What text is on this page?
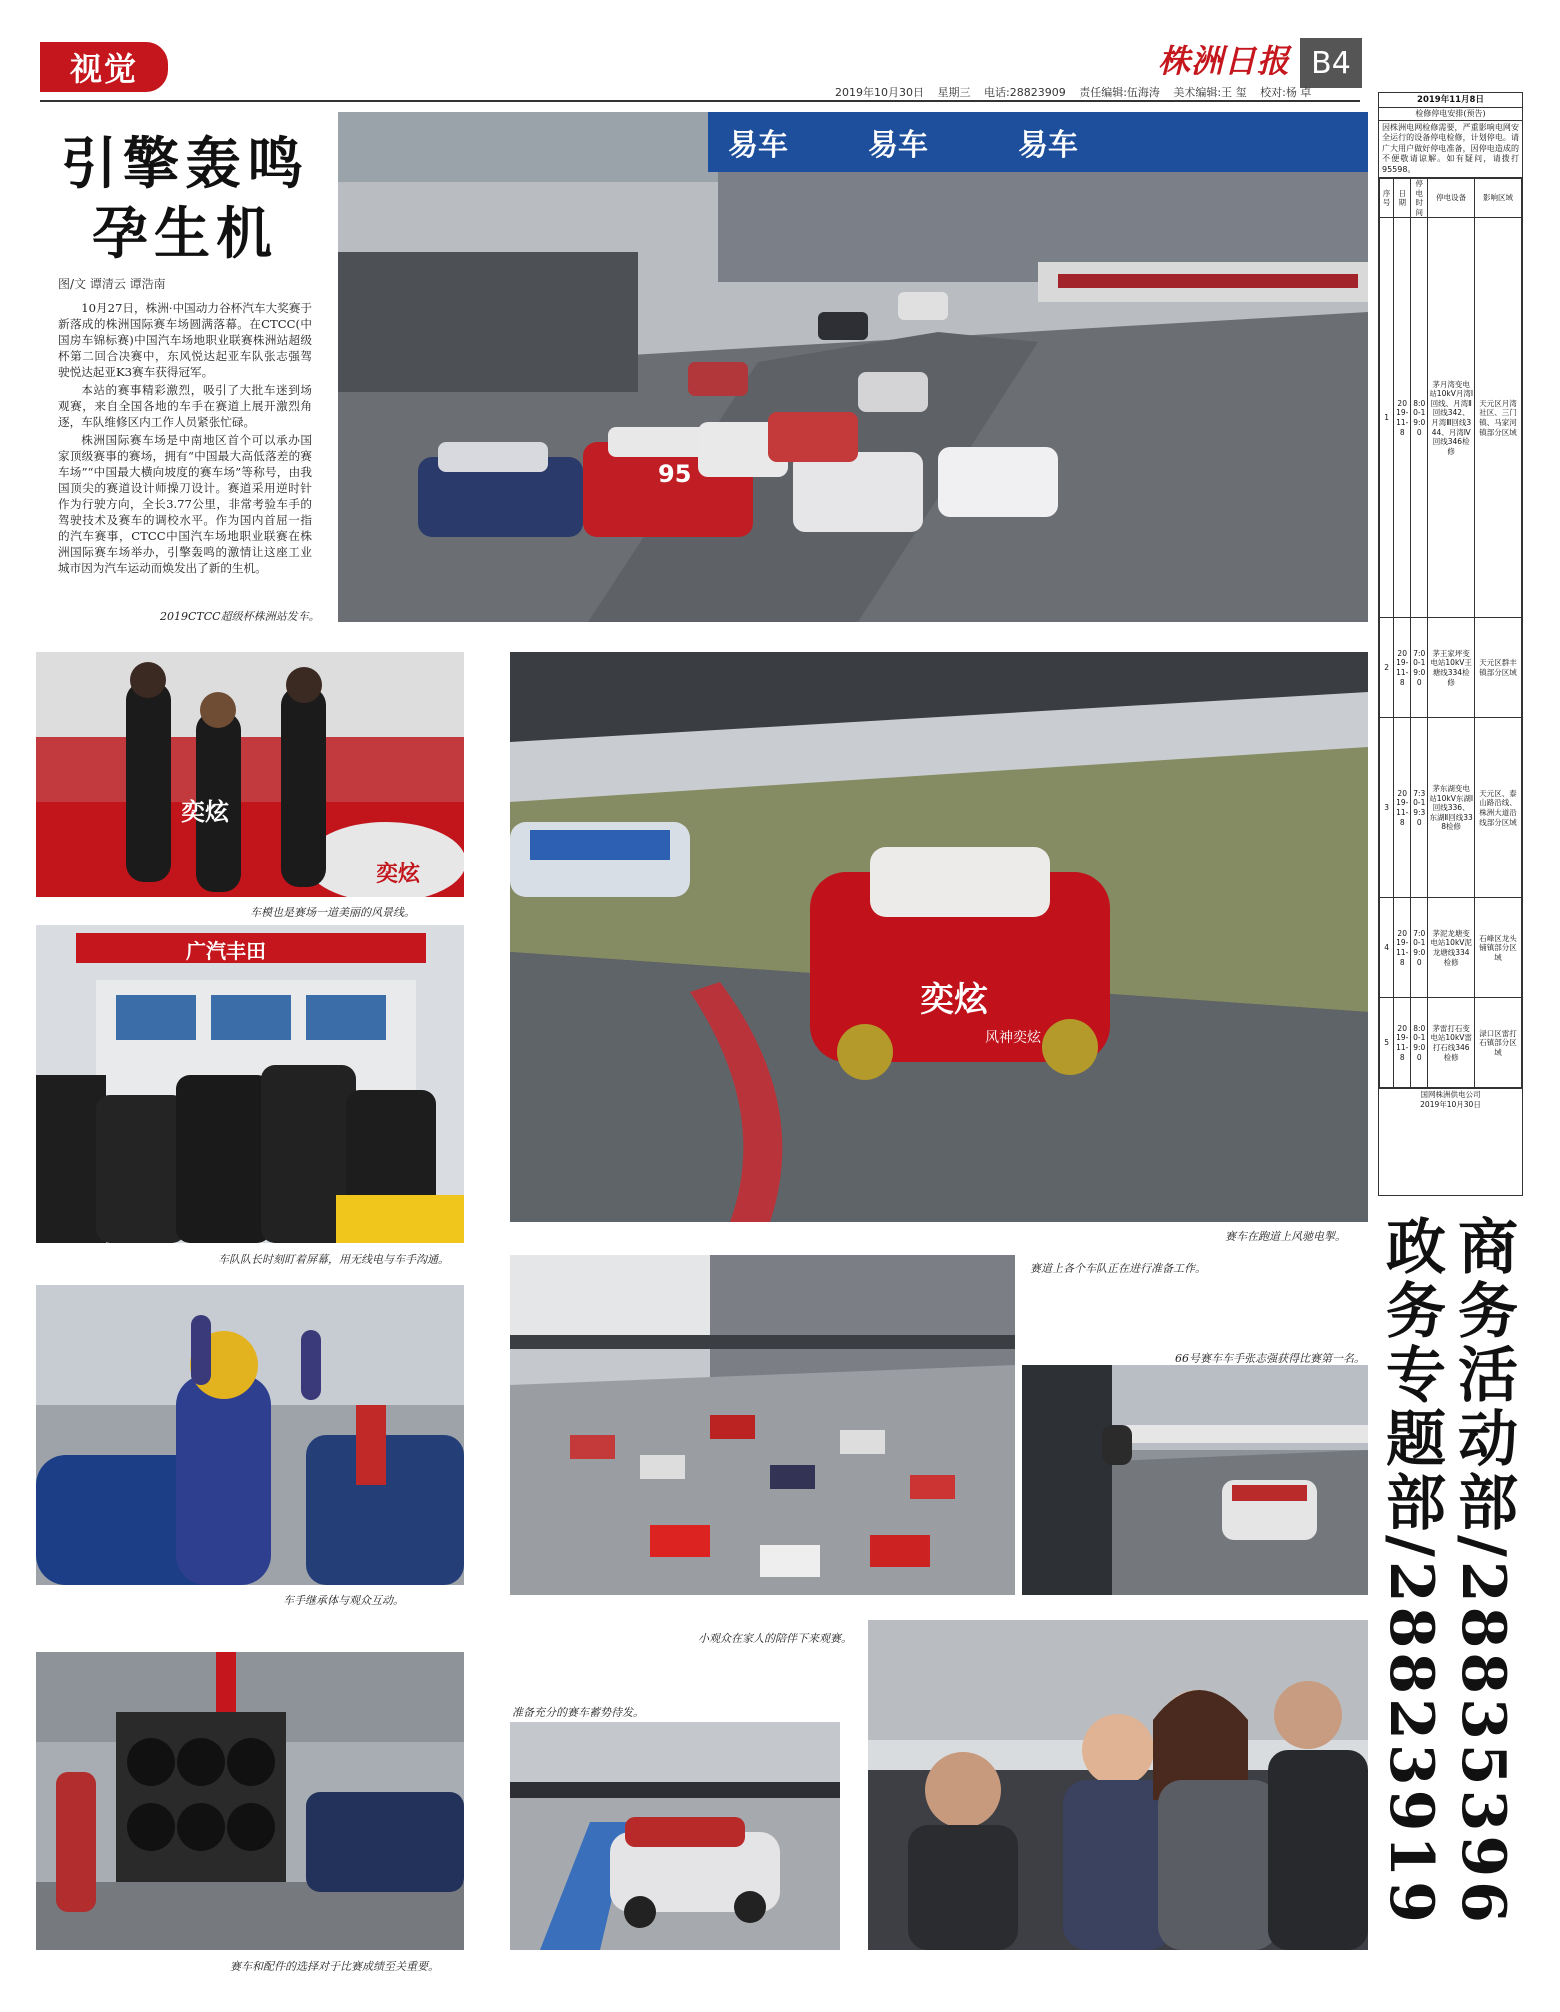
视觉	株洲日报 B4
2019年10月30日 星期三 电话:28823909 责任编辑:伍海涛 美术编辑:王 玺 校对:杨 卓
引擎轰鸣
孕生机
图/文 谭清云 谭浩南

10月27日，株洲·中国动力谷杯汽车大奖赛于新落成的株洲国际赛车场圆满落幕。在CTCC(中国房车锦标赛)中国汽车场地职业联赛株洲站超级杯第二回合决赛中，东风悦达起亚车队张志强驾驶悦达起亚K3赛车获得冠军。

本站的赛事精彩激烈，吸引了大批车迷到场观赛，来自全国各地的车手在赛道上展开激烈角逐，车队维修区内工作人员紧张忙碌。

株洲国际赛车场是中南地区首个可以承办国家顶级赛事的赛场，拥有“中国最大高低落差的赛车场”“中国最大横向坡度的赛车场”等称号，由我国顶尖的赛道设计师操刀设计。赛道采用逆时针作为行驶方向，全长3.77公里，非常考验车手的驾驶技术及赛车的调校水平。作为国内首屈一指的汽车赛事，CTCC中国汽车场地职业联赛在株洲国际赛车场举办，引擎轰鸣的激情让这座工业城市因为汽车运动而焕发出了新的生机。

易车	易车	易车
95
2019CTCC超级杯株洲站发车。
奕炫
奕炫
车模也是赛场一道美丽的风景线。
广汽丰田
车队队长时刻盯着屏幕，用无线电与车手沟通。
车手继承体与观众互动。
赛车和配件的选择对于比赛成绩至关重要。
奕炫
风神奕炫
赛车在跑道上风驰电掣。
赛道上各个车队正在进行准备工作。
66号赛车车手张志强获得比赛第一名。
小观众在家人的陪伴下来观赛。
准备充分的赛车蓄势待发。
2019年11月8日
检修停电安排(预告)
因株洲电网检修需要，严重影响电网安全运行的设备停电检修，计划停电。请广大用户做好停电准备，因停电造成的不便敬请谅解。如有疑问，请拨打95598。
序号	日期	停电时间	停电设备	影响区域
1	2019-11-8	8:00-19:00	茅月湾变电站10kV月湾Ⅰ回线、月湾Ⅱ回线342、月湾Ⅲ回线344、月湾Ⅳ回线346检修	天元区月湾社区、三门镇、马家河镇部分区域
2	2019-11-8	7:00-19:00	茅王家坪变电站10kV王塘线334检修	天元区群丰镇部分区域
3	2019-11-8	7:30-19:30	茅东湖变电站10kV东湖Ⅰ回线336、东湖Ⅱ回线338检修	天元区、泰山路沿线、株洲大道沿线部分区域
4	2019-11-8	7:00-19:00	茅泥龙塘变电站10kV泥龙塘线334检修	石峰区龙头铺镇部分区域
5	2019-11-8	8:00-19:00	茅雷打石变电站10kV雷打石线346检修	渌口区雷打石镇部分区域
国网株洲供电公司
2019年10月30日
商务活动部/28835396
政务专题部/28823919
